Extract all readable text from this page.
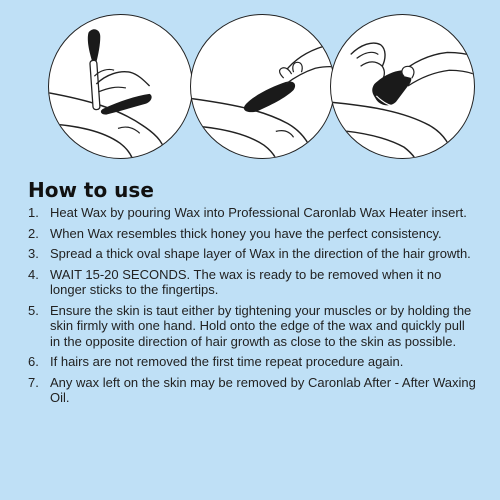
How to use
1. Heat Wax by pouring Wax into Professional Caronlab Wax Heater insert.
2. When Wax resembles thick honey you have the perfect consistency.
3. Spread a thick oval shape layer of Wax in the direction of the hair growth.
4. WAIT 15-20 SECONDS. The wax is ready to be removed when it no longer sticks to the fingertips.
5. Ensure the skin is taut either by tightening your muscles or by holding the skin firmly with one hand. Hold onto the edge of the wax and quickly pull in the opposite direction of hair growth as close to the skin as possible.
6. If hairs are not removed the first time repeat procedure again.
7. Any wax left on the skin may be removed by Caronlab After - After Waxing Oil.
